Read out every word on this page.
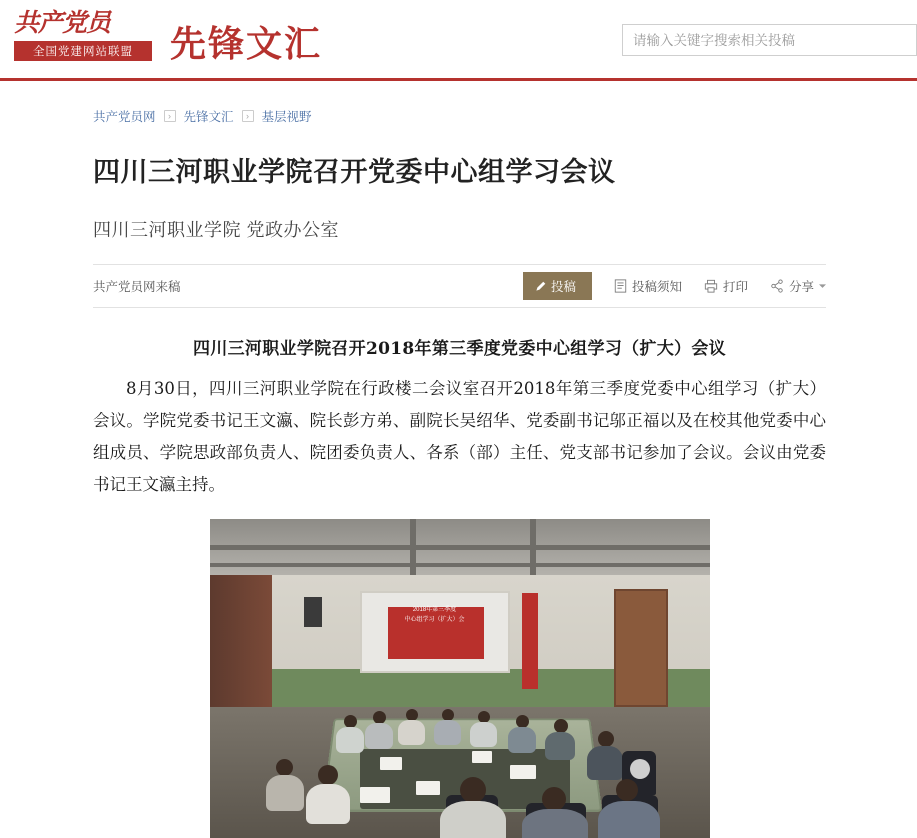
共产党员
全国党建网站联盟	先锋文汇
请输入关键字搜索相关投稿
共产党员网	›	先锋文汇	›	基层视野
四川三河职业学院召开党委中心组学习会议
四川三河职业学院 党政办公室
共产党员网来稿	投稿	投稿须知	打印	分享
四川三河职业学院召开2018年第三季度党委中心组学习（扩大）会议

8月30日，四川三河职业学院在行政楼二会议室召开2018年第三季度党委中心组学习（扩大）会议。学院党委书记王文瀛、院长彭方弟、副院长吴绍华、党委副书记邬正福以及在校其他党委中心组成员、学院思政部负责人、院团委负责人、各系（部）主任、党支部书记参加了会议。会议由党委书记王文瀛主持。

2018年第三季度
中心组学习（扩大）会
